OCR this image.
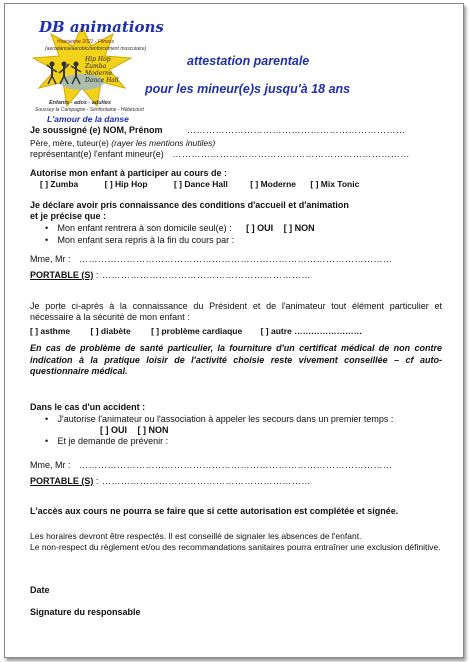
DB animations
Hoenieime 2021 - Fitness
(aerodance/aerobic/renforcement musculaire)
Hip Hop
Zumba
Moderne
Dance Hall
Enfants - ados - adultes
Soussey la Campagne - Sérifontaine - Hébécourt
L'amour de la danse
attestation parentale
pour les mineur(e)s jusqu'à 18 ans
Je soussigné (e) NOM, Prénom	……………………………………………………………
Père, mère, tuteur(e) (rayer les mentions inutiles)
représentant(e) l'enfant mineur(e) …………………………………………………………………
Autorise mon enfant à participer au cours de :
[ ] Zumba	[ ] Hip Hop	[ ] Dance Hall	[ ] Moderne [ ] Mix Tonic
Je déclare avoir pris connaissance des conditions d'accueil et d'animation
et je précise que :
• Mon enfant rentrera à son domicile seul(e) : [ ] OUI [ ] NON
• Mon enfant sera repris à la fin du cours par :
Mme, Mr : ………………………………………………………………………………………
PORTABLE (S) : …………………………………………………………
Je porte ci-après à la connaissance du Président et de l'animateur tout élément particulier et nécessaire à la sécurité de mon enfant :
[ ] asthme [ ] diabète [ ] problème cardiaque [ ] autre ……………………
En cas de problème de santé particulier, la fourniture d'un certificat médical de non contre indication à la pratique loisir de l'activité choisie reste vivement conseillée – cf auto-questionnaire médical.
Dans le cas d'un accident :
• J'autorise l'animateur ou l'association à appeler les secours dans un premier temps :
[ ] OUI [ ] NON
• Et je demande de prévenir :
Mme, Mr : ………………………………………………………………………………………
PORTABLE (S) : …………………………………………………………
L'accès aux cours ne pourra se faire que si cette autorisation est complétée et signée.
Les horaires devront être respectés. Il est conseillé de signaler les absences de l'enfant.
Le non-respect du règlement et/ou des recommandations sanitaires pourra entraîner une exclusion définitive.
Date
Signature du responsable
